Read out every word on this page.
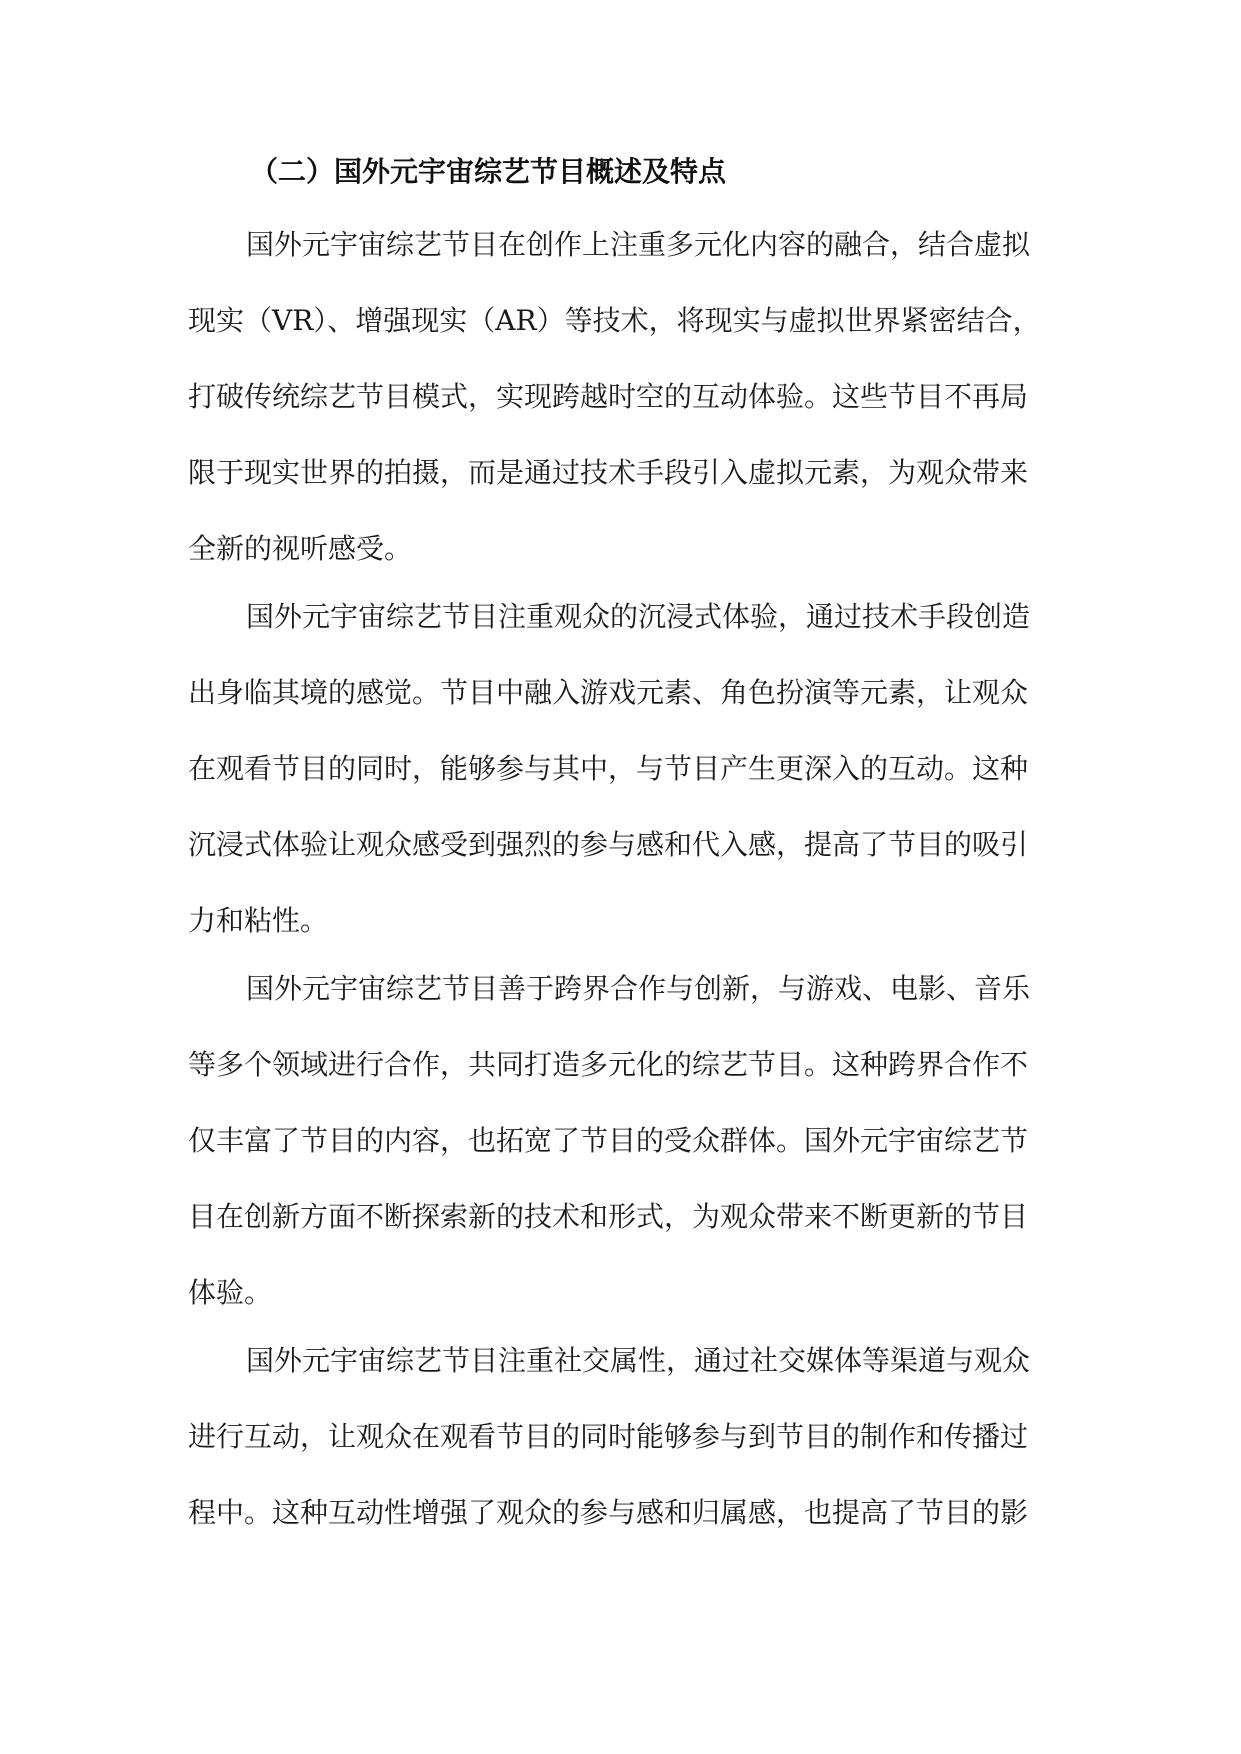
（二）国外元宇宙综艺节目概述及特点

国外元宇宙综艺节目在创作上注重多元化内容的融合，结合虚拟
现实（VR）、增强现实（AR）等技术，将现实与虚拟世界紧密结合，
打破传统综艺节目模式，实现跨越时空的互动体验。这些节目不再局
限于现实世界的拍摄，而是通过技术手段引入虚拟元素，为观众带来
全新的视听感受。

国外元宇宙综艺节目注重观众的沉浸式体验，通过技术手段创造
出身临其境的感觉。节目中融入游戏元素、角色扮演等元素，让观众
在观看节目的同时，能够参与其中，与节目产生更深入的互动。这种
沉浸式体验让观众感受到强烈的参与感和代入感，提高了节目的吸引
力和粘性。

国外元宇宙综艺节目善于跨界合作与创新，与游戏、电影、音乐
等多个领域进行合作，共同打造多元化的综艺节目。这种跨界合作不
仅丰富了节目的内容，也拓宽了节目的受众群体。国外元宇宙综艺节
目在创新方面不断探索新的技术和形式，为观众带来不断更新的节目
体验。

国外元宇宙综艺节目注重社交属性，通过社交媒体等渠道与观众
进行互动，让观众在观看节目的同时能够参与到节目的制作和传播过
程中。这种互动性增强了观众的参与感和归属感，也提高了节目的影
